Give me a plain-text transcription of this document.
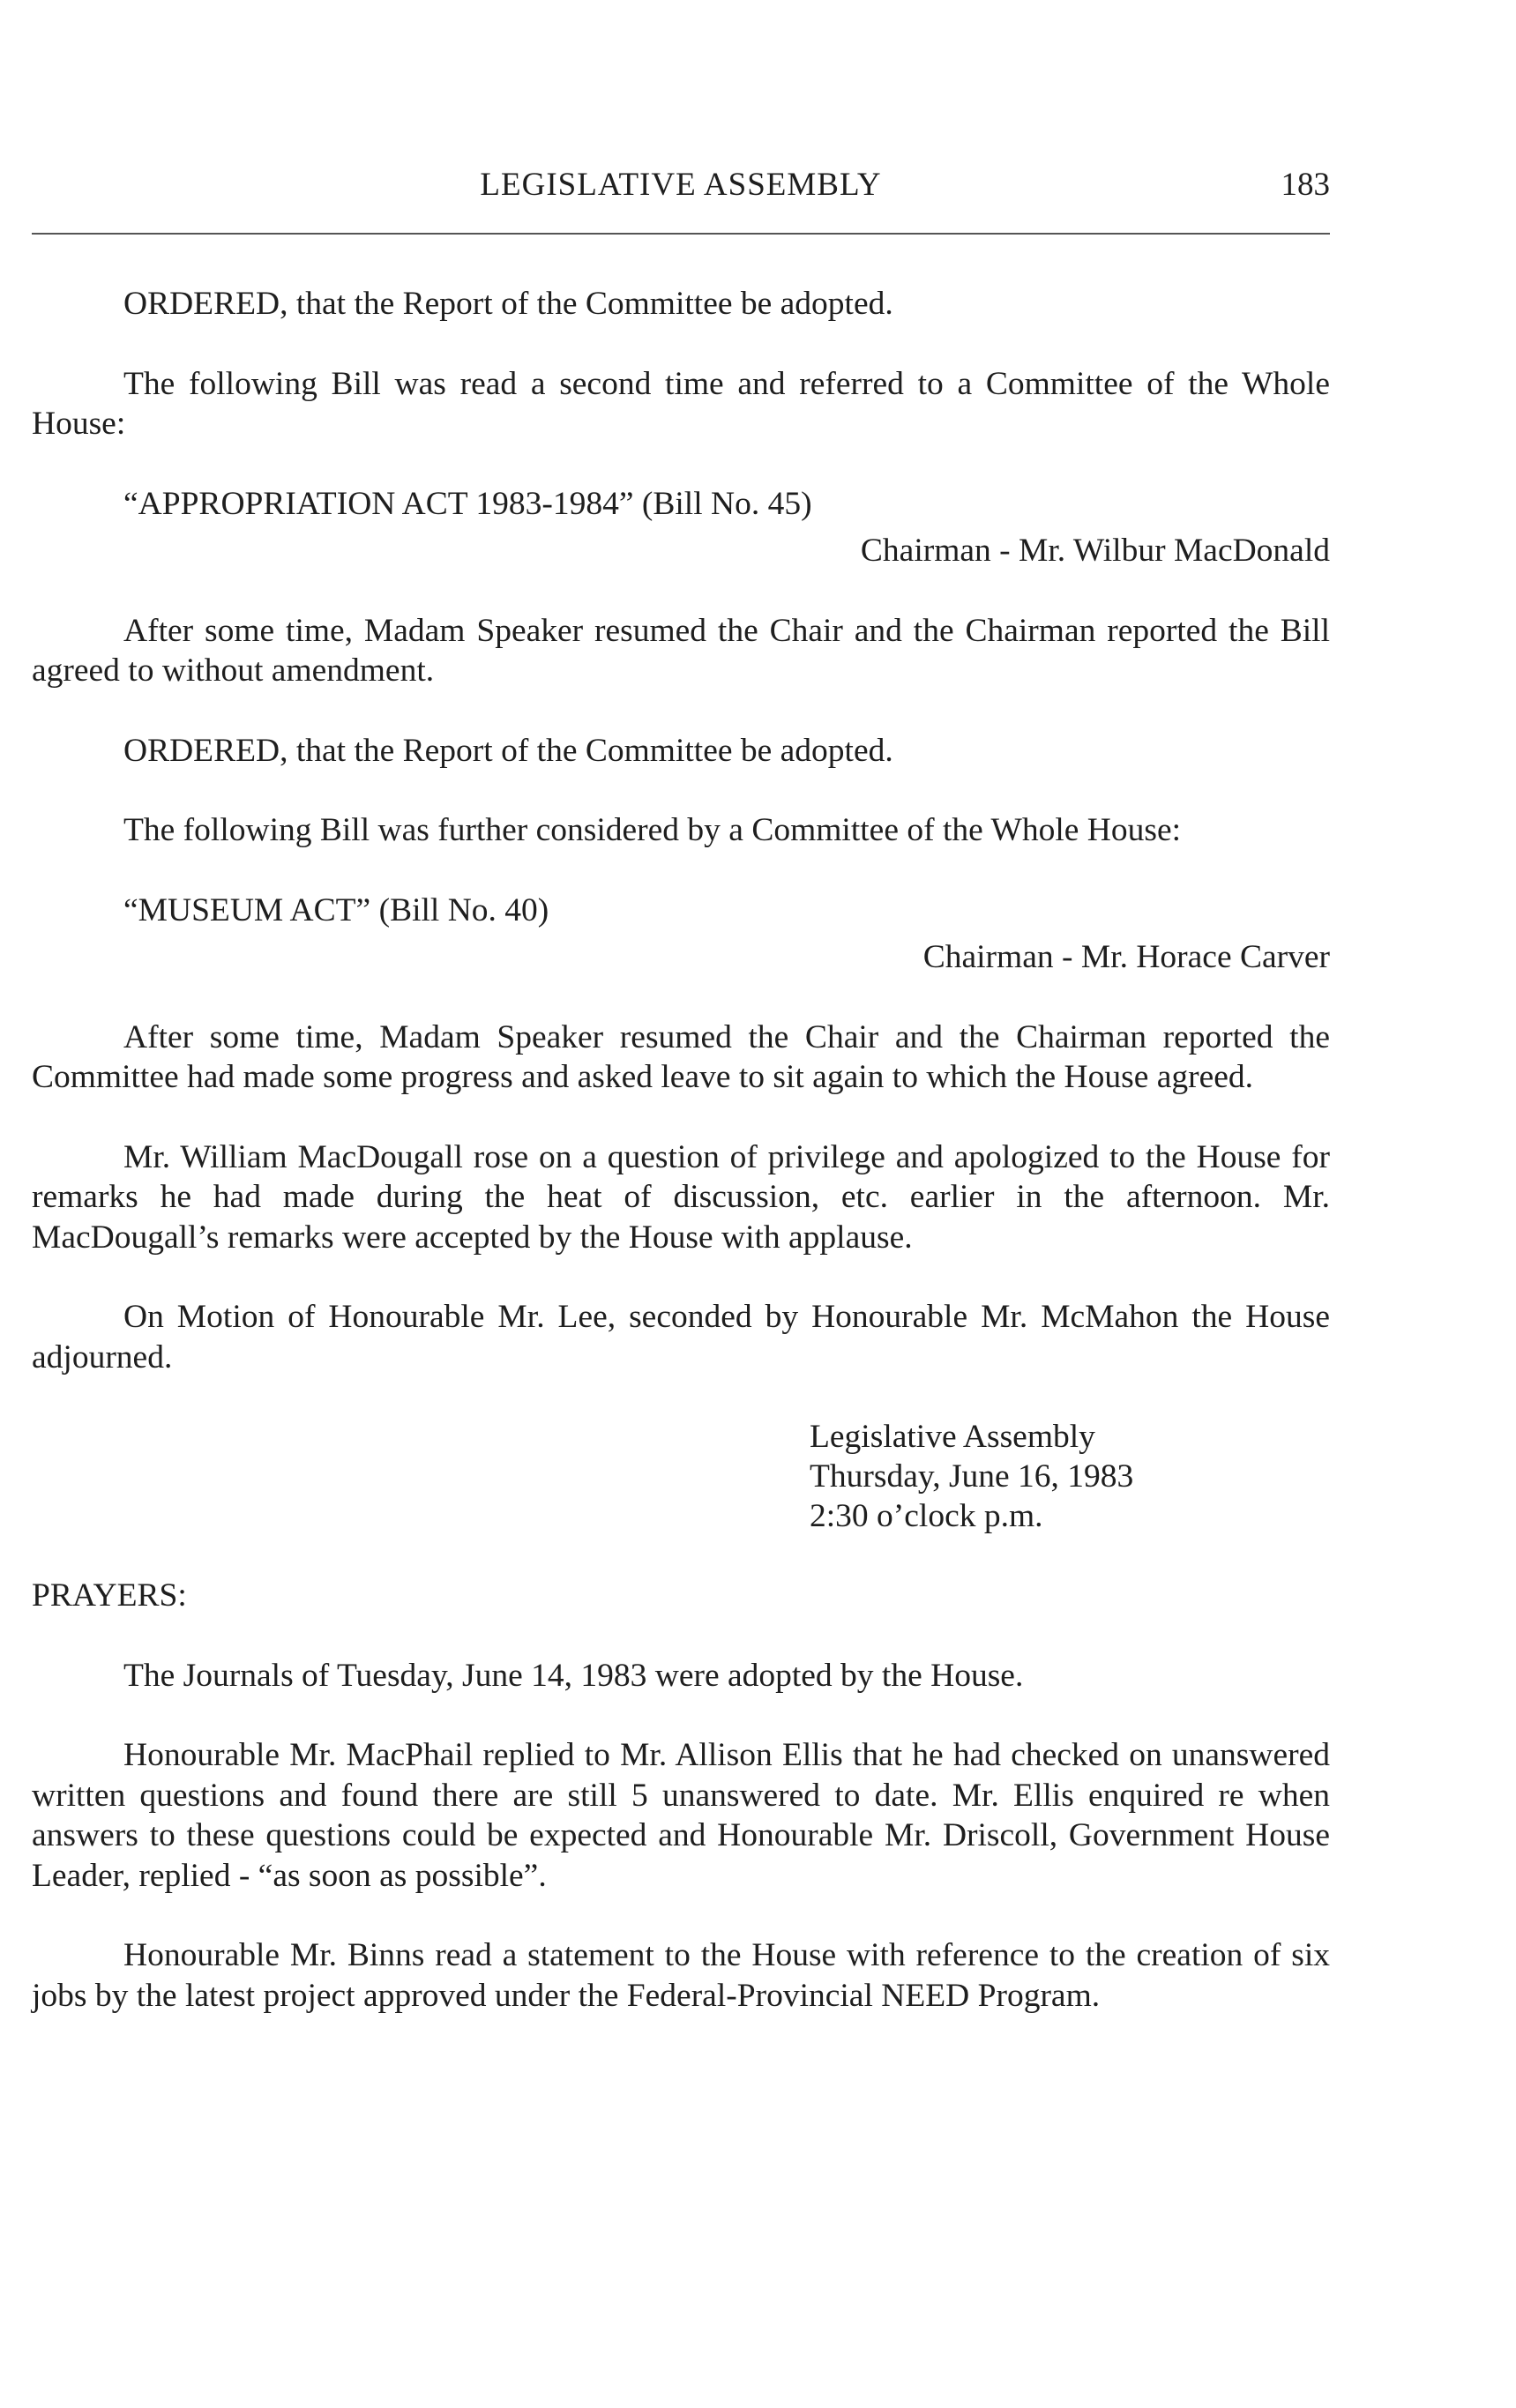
LEGISLATIVE ASSEMBLY	183

ORDERED, that the Report of the Committee be adopted.

The following Bill was read a second time and referred to a Committee of the Whole House:

“APPROPRIATION ACT 1983-1984” (Bill No. 45)

Chairman - Mr. Wilbur MacDonald

After some time, Madam Speaker resumed the Chair and the Chairman reported the Bill agreed to without amendment.

ORDERED, that the Report of the Committee be adopted.

The following Bill was further considered by a Committee of the Whole House:

“MUSEUM ACT” (Bill No. 40)

Chairman - Mr. Horace Carver

After some time, Madam Speaker resumed the Chair and the Chairman reported the Committee had made some progress and asked leave to sit again to which the House agreed.

Mr. William MacDougall rose on a question of privilege and apologized to the House for remarks he had made during the heat of discussion, etc. earlier in the afternoon. Mr. MacDougall’s remarks were accepted by the House with applause.

On Motion of Honourable Mr. Lee, seconded by Honourable Mr. McMahon the House adjourned.

Legislative Assembly
Thursday, June 16, 1983
2:30 o’clock p.m.

PRAYERS:

The Journals of Tuesday, June 14, 1983 were adopted by the House.

Honourable Mr. MacPhail replied to Mr. Allison Ellis that he had checked on unanswered written questions and found there are still 5 unanswered to date. Mr. Ellis enquired re when answers to these questions could be expected and Honourable Mr. Driscoll, Government House Leader, replied - “as soon as possible”.

Honourable Mr. Binns read a statement to the House with reference to the creation of six jobs by the latest project approved under the Federal-Provincial NEED Program.
